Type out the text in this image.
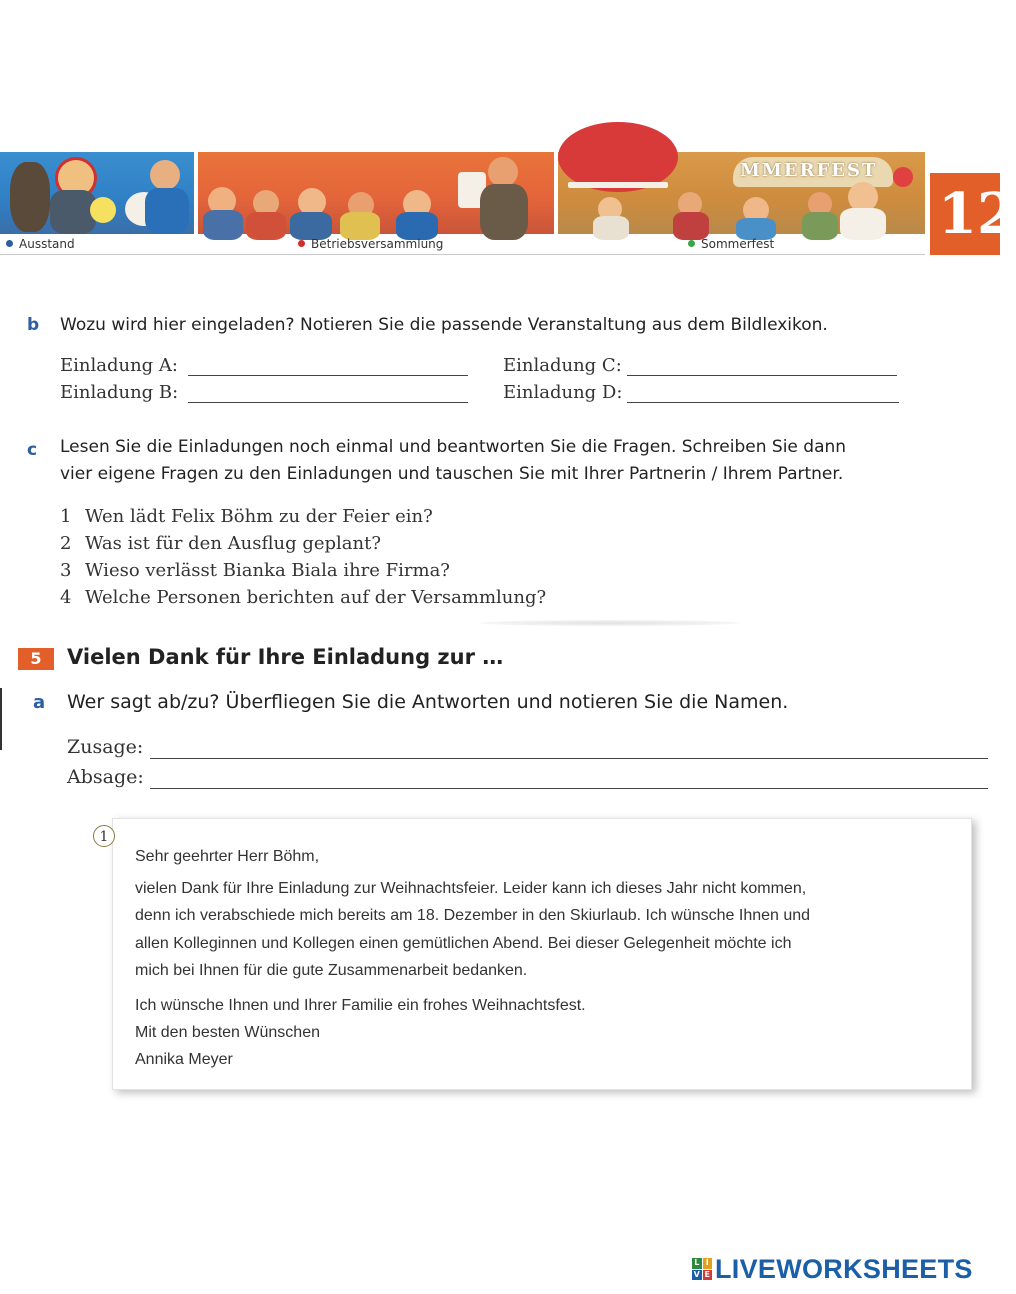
MMERFEST
Ausstand	Betriebsversammlung	Sommerfest	12
b Wozu wird hier eingeladen? Notieren Sie die passende Veranstaltung aus dem Bildlexikon.
Einladung A:
Einladung B:
Einladung C:
Einladung D:
c Lesen Sie die Einladungen noch einmal und beantworten Sie die Fragen. Schreiben Sie dann
vier eigene Fragen zu den Einladungen und tauschen Sie mit Ihrer Partnerin / Ihrem Partner.
1 Wen lädt Felix Böhm zu der Feier ein?
2 Was ist für den Ausflug geplant?
3 Wieso verlässt Bianka Biala ihre Firma?
4 Welche Personen berichten auf der Versammlung?
5	Vielen Dank für Ihre Einladung zur …
a Wer sagt ab/zu? Überfliegen Sie die Antworten und notieren Sie die Namen.
Zusage:
Absage:
1
Sehr geehrter Herr Böhm,
vielen Dank für Ihre Einladung zur Weihnachtsfeier. Leider kann ich dieses Jahr nicht kommen,
denn ich verabschiede mich bereits am 18. Dezember in den Skiurlaub. Ich wünsche Ihnen und
allen Kolleginnen und Kollegen einen gemütlichen Abend. Bei dieser Gelegenheit möchte ich
mich bei Ihnen für die gute Zusammenarbeit bedanken.
Ich wünsche Ihnen und Ihrer Familie ein frohes Weihnachtsfest.
Mit den besten Wünschen
Annika Meyer
L I
V E LIVEWORKSHEETS
